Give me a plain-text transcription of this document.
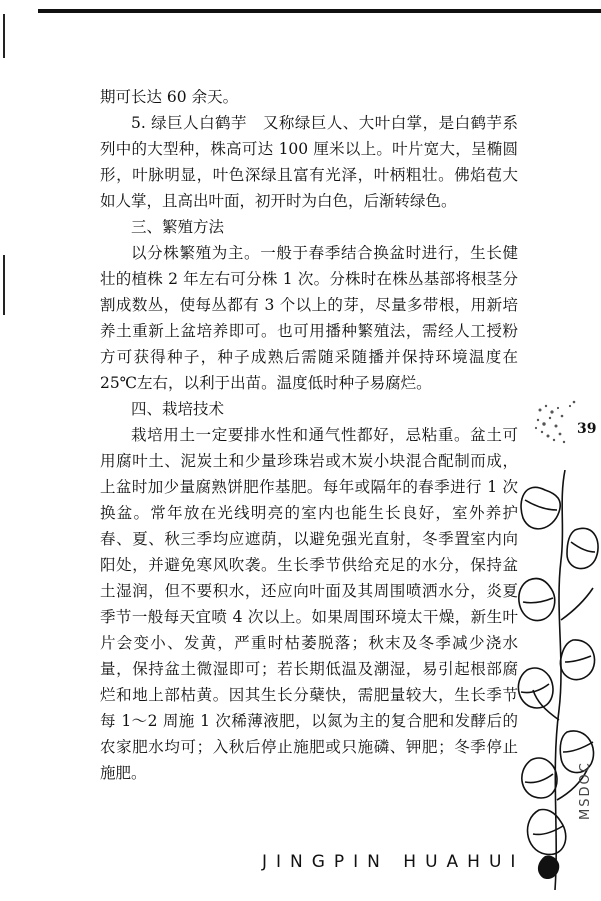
期可长达 60 余天。

5. 绿巨人白鹤芋　又称绿巨人、大叶白掌，是白鹤芋系列中的大型种，株高可达 100 厘米以上。叶片宽大，呈椭圆形，叶脉明显，叶色深绿且富有光泽，叶柄粗壮。佛焰苞大如人掌，且高出叶面，初开时为白色，后渐转绿色。

三、繁殖方法

以分株繁殖为主。一般于春季结合换盆时进行，生长健壮的植株 2 年左右可分株 1 次。分株时在株丛基部将根茎分割成数丛，使每丛都有 3 个以上的芽，尽量多带根，用新培养土重新上盆培养即可。也可用播种繁殖法，需经人工授粉方可获得种子，种子成熟后需随采随播并保持环境温度在 25℃左右，以利于出苗。温度低时种子易腐烂。

四、栽培技术

栽培用土一定要排水性和通气性都好，忌粘重。盆土可用腐叶土、泥炭土和少量珍珠岩或木炭小块混合配制而成，上盆时加少量腐熟饼肥作基肥。每年或隔年的春季进行 1 次换盆。常年放在光线明亮的室内也能生长良好，室外养护春、夏、秋三季均应遮荫，以避免强光直射，冬季置室内向阳处，并避免寒风吹袭。生长季节供给充足的水分，保持盆土湿润，但不要积水，还应向叶面及其周围喷洒水分，炎夏季节一般每天宜喷 4 次以上。如果周围环境太干燥，新生叶片会变小、发黄，严重时枯萎脱落；秋末及冬季减少浇水量，保持盆土微湿即可；若长期低温及潮湿，易引起根部腐烂和地上部枯黄。因其生长分蘖快，需肥量较大，生长季节每 1～2 周施 1 次稀薄液肥，以氮为主的复合肥和发酵后的农家肥水均可；入秋后停止施肥或只施磷、钾肥；冬季停止施肥。

39
JINGPIN HUAHUI
MSDOC
